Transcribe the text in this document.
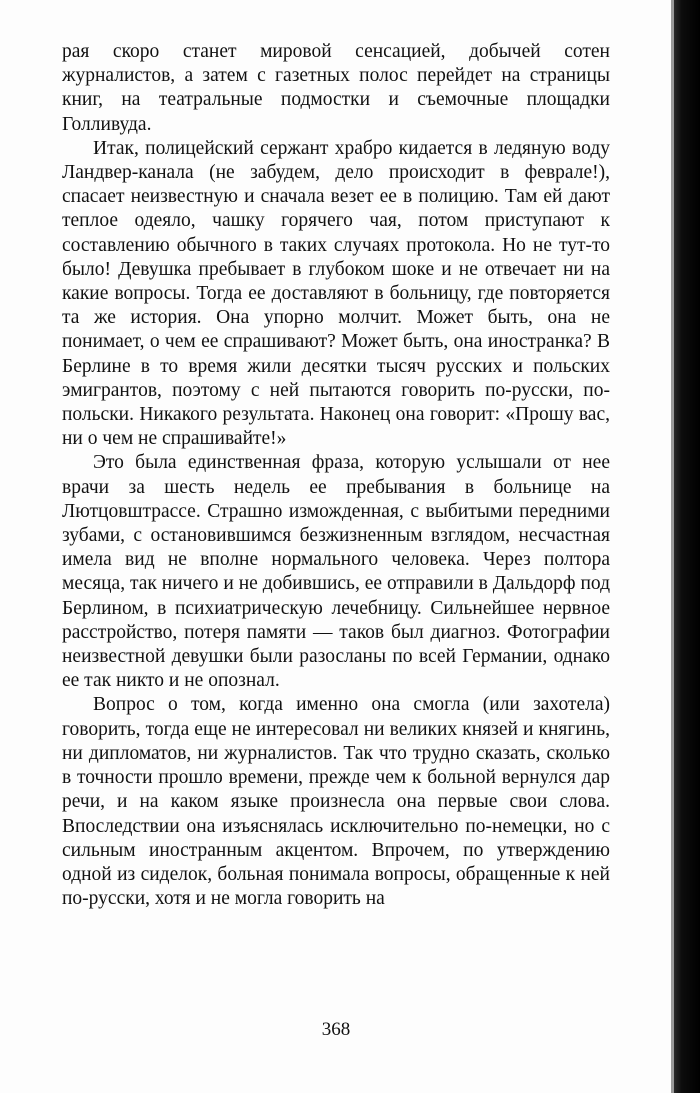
рая скоро станет мировой сенсацией, добычей сотен журналистов, а затем с газетных полос перейдет на страницы книг, на театральные подмостки и съемочные площадки Голливуда.

Итак, полицейский сержант храбро кидается в ледяную воду Ландвер-канала (не забудем, дело происходит в феврале!), спасает неизвестную и сначала везет ее в полицию. Там ей дают теплое одеяло, чашку горячего чая, потом приступают к составлению обычного в таких случаях протокола. Но не тут-то было! Девушка пребывает в глубоком шоке и не отвечает ни на какие вопросы. Тогда ее доставляют в больницу, где повторяется та же история. Она упорно молчит. Может быть, она не понимает, о чем ее спрашивают? Может быть, она иностранка? В Берлине в то время жили десятки тысяч русских и польских эмигрантов, поэтому с ней пытаются говорить по-русски, по-польски. Никакого результата. Наконец она говорит: «Прошу вас, ни о чем не спрашивайте!»

Это была единственная фраза, которую услышали от нее врачи за шесть недель ее пребывания в больнице на Лютцовштрассе. Страшно изможденная, с выбитыми передними зубами, с остановившимся безжизненным взглядом, несчастная имела вид не вполне нормального человека. Через полтора месяца, так ничего и не добившись, ее отправили в Дальдорф под Берлином, в психиатрическую лечебницу. Сильнейшее нервное расстройство, потеря памяти — таков был диагноз. Фотографии неизвестной девушки были разосланы по всей Германии, однако ее так никто и не опознал.

Вопрос о том, когда именно она смогла (или захотела) говорить, тогда еще не интересовал ни великих князей и княгинь, ни дипломатов, ни журналистов. Так что трудно сказать, сколько в точности прошло времени, прежде чем к больной вернулся дар речи, и на каком языке произнесла она первые свои слова. Впоследствии она изъяснялась исключительно по-немецки, но с сильным иностранным акцентом. Впрочем, по утверждению одной из сиделок, больная понимала вопросы, обращенные к ней по-русски, хотя и не могла говорить на

368
